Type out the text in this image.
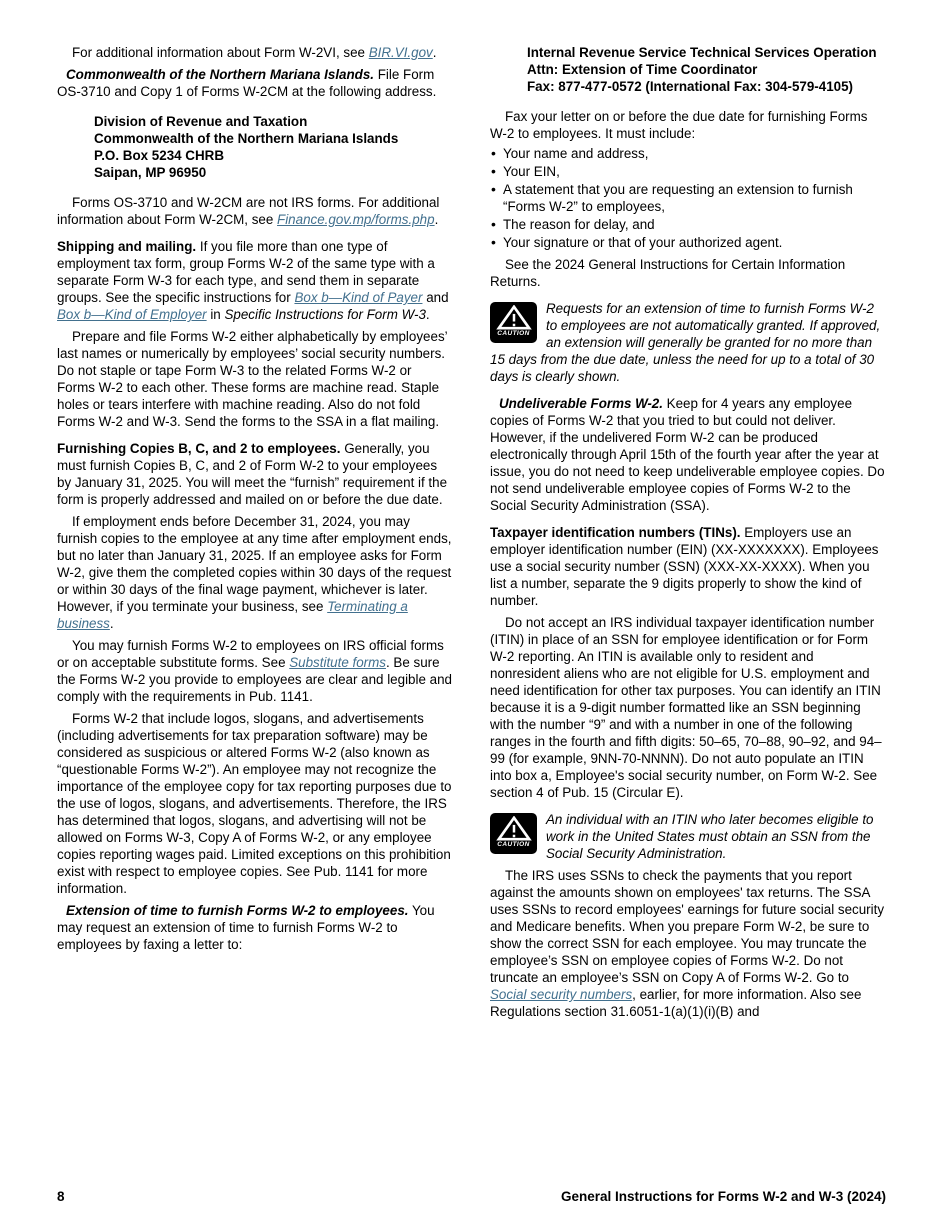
For additional information about Form W-2VI, see BIR.VI.gov.

Commonwealth of the Northern Mariana Islands. File Form OS-3710 and Copy 1 of Forms W-2CM at the following address.

Division of Revenue and Taxation
Commonwealth of the Northern Mariana Islands
P.O. Box 5234 CHRB
Saipan, MP 96950

Forms OS-3710 and W-2CM are not IRS forms. For additional information about Form W-2CM, see Finance.gov.mp/forms.php.

Shipping and mailing. If you file more than one type of employment tax form, group Forms W-2 of the same type with a separate Form W-3 for each type, and send them in separate groups. See the specific instructions for Box b—Kind of Payer and Box b—Kind of Employer in Specific Instructions for Form W-3.

Prepare and file Forms W-2 either alphabetically by employees’ last names or numerically by employees’ social security numbers. Do not staple or tape Form W-3 to the related Forms W-2 or Forms W-2 to each other. These forms are machine read. Staple holes or tears interfere with machine reading. Also do not fold Forms W-2 and W-3. Send the forms to the SSA in a flat mailing.

Furnishing Copies B, C, and 2 to employees. Generally, you must furnish Copies B, C, and 2 of Form W-2 to your employees by January 31, 2025. You will meet the “furnish” requirement if the form is properly addressed and mailed on or before the due date.

If employment ends before December 31, 2024, you may furnish copies to the employee at any time after employment ends, but no later than January 31, 2025. If an employee asks for Form W-2, give them the completed copies within 30 days of the request or within 30 days of the final wage payment, whichever is later. However, if you terminate your business, see Terminating a business.

You may furnish Forms W-2 to employees on IRS official forms or on acceptable substitute forms. See Substitute forms. Be sure the Forms W-2 you provide to employees are clear and legible and comply with the requirements in Pub. 1141.

Forms W-2 that include logos, slogans, and advertisements (including advertisements for tax preparation software) may be considered as suspicious or altered Forms W-2 (also known as “questionable Forms W-2”). An employee may not recognize the importance of the employee copy for tax reporting purposes due to the use of logos, slogans, and advertisements. Therefore, the IRS has determined that logos, slogans, and advertising will not be allowed on Forms W-3, Copy A of Forms W-2, or any employee copies reporting wages paid. Limited exceptions on this prohibition exist with respect to employee copies. See Pub. 1141 for more information.

Extension of time to furnish Forms W-2 to employees. You may request an extension of time to furnish Forms W-2 to employees by faxing a letter to:

Internal Revenue Service Technical Services Operation
Attn: Extension of Time Coordinator
Fax: 877-477-0572 (International Fax: 304-579-4105)

Fax your letter on or before the due date for furnishing Forms W-2 to employees. It must include:

Your name and address,
Your EIN,
A statement that you are requesting an extension to furnish “Forms W-2” to employees,
The reason for delay, and
Your signature or that of your authorized agent.

See the 2024 General Instructions for Certain Information Returns.

CAUTION
Requests for an extension of time to furnish Forms W-2 to employees are not automatically granted. If approved, an extension will generally be granted for no more than 15 days from the due date, unless the need for up to a total of 30 days is clearly shown.

Undeliverable Forms W-2. Keep for 4 years any employee copies of Forms W-2 that you tried to but could not deliver. However, if the undelivered Form W-2 can be produced electronically through April 15th of the fourth year after the year at issue, you do not need to keep undeliverable employee copies. Do not send undeliverable employee copies of Forms W-2 to the Social Security Administration (SSA).

Taxpayer identification numbers (TINs). Employers use an employer identification number (EIN) (XX-XXXXXXX). Employees use a social security number (SSN) (XXX-XX-XXXX). When you list a number, separate the 9 digits properly to show the kind of number.

Do not accept an IRS individual taxpayer identification number (ITIN) in place of an SSN for employee identification or for Form W-2 reporting. An ITIN is available only to resident and nonresident aliens who are not eligible for U.S. employment and need identification for other tax purposes. You can identify an ITIN because it is a 9-digit number formatted like an SSN beginning with the number “9” and with a number in one of the following ranges in the fourth and fifth digits: 50–65, 70–88, 90–92, and 94–99 (for example, 9NN-70-NNNN). Do not auto populate an ITIN into box a, Employee's social security number, on Form W-2. See section 4 of Pub. 15 (Circular E).

CAUTION
An individual with an ITIN who later becomes eligible to work in the United States must obtain an SSN from the Social Security Administration.

The IRS uses SSNs to check the payments that you report against the amounts shown on employees' tax returns. The SSA uses SSNs to record employees' earnings for future social security and Medicare benefits. When you prepare Form W-2, be sure to show the correct SSN for each employee. You may truncate the employee’s SSN on employee copies of Forms W-2. Do not truncate an employee’s SSN on Copy A of Forms W-2. Go to Social security numbers, earlier, for more information. Also see Regulations section 31.6051-1(a)(1)(i)(B) and

8	General Instructions for Forms W-2 and W-3 (2024)
